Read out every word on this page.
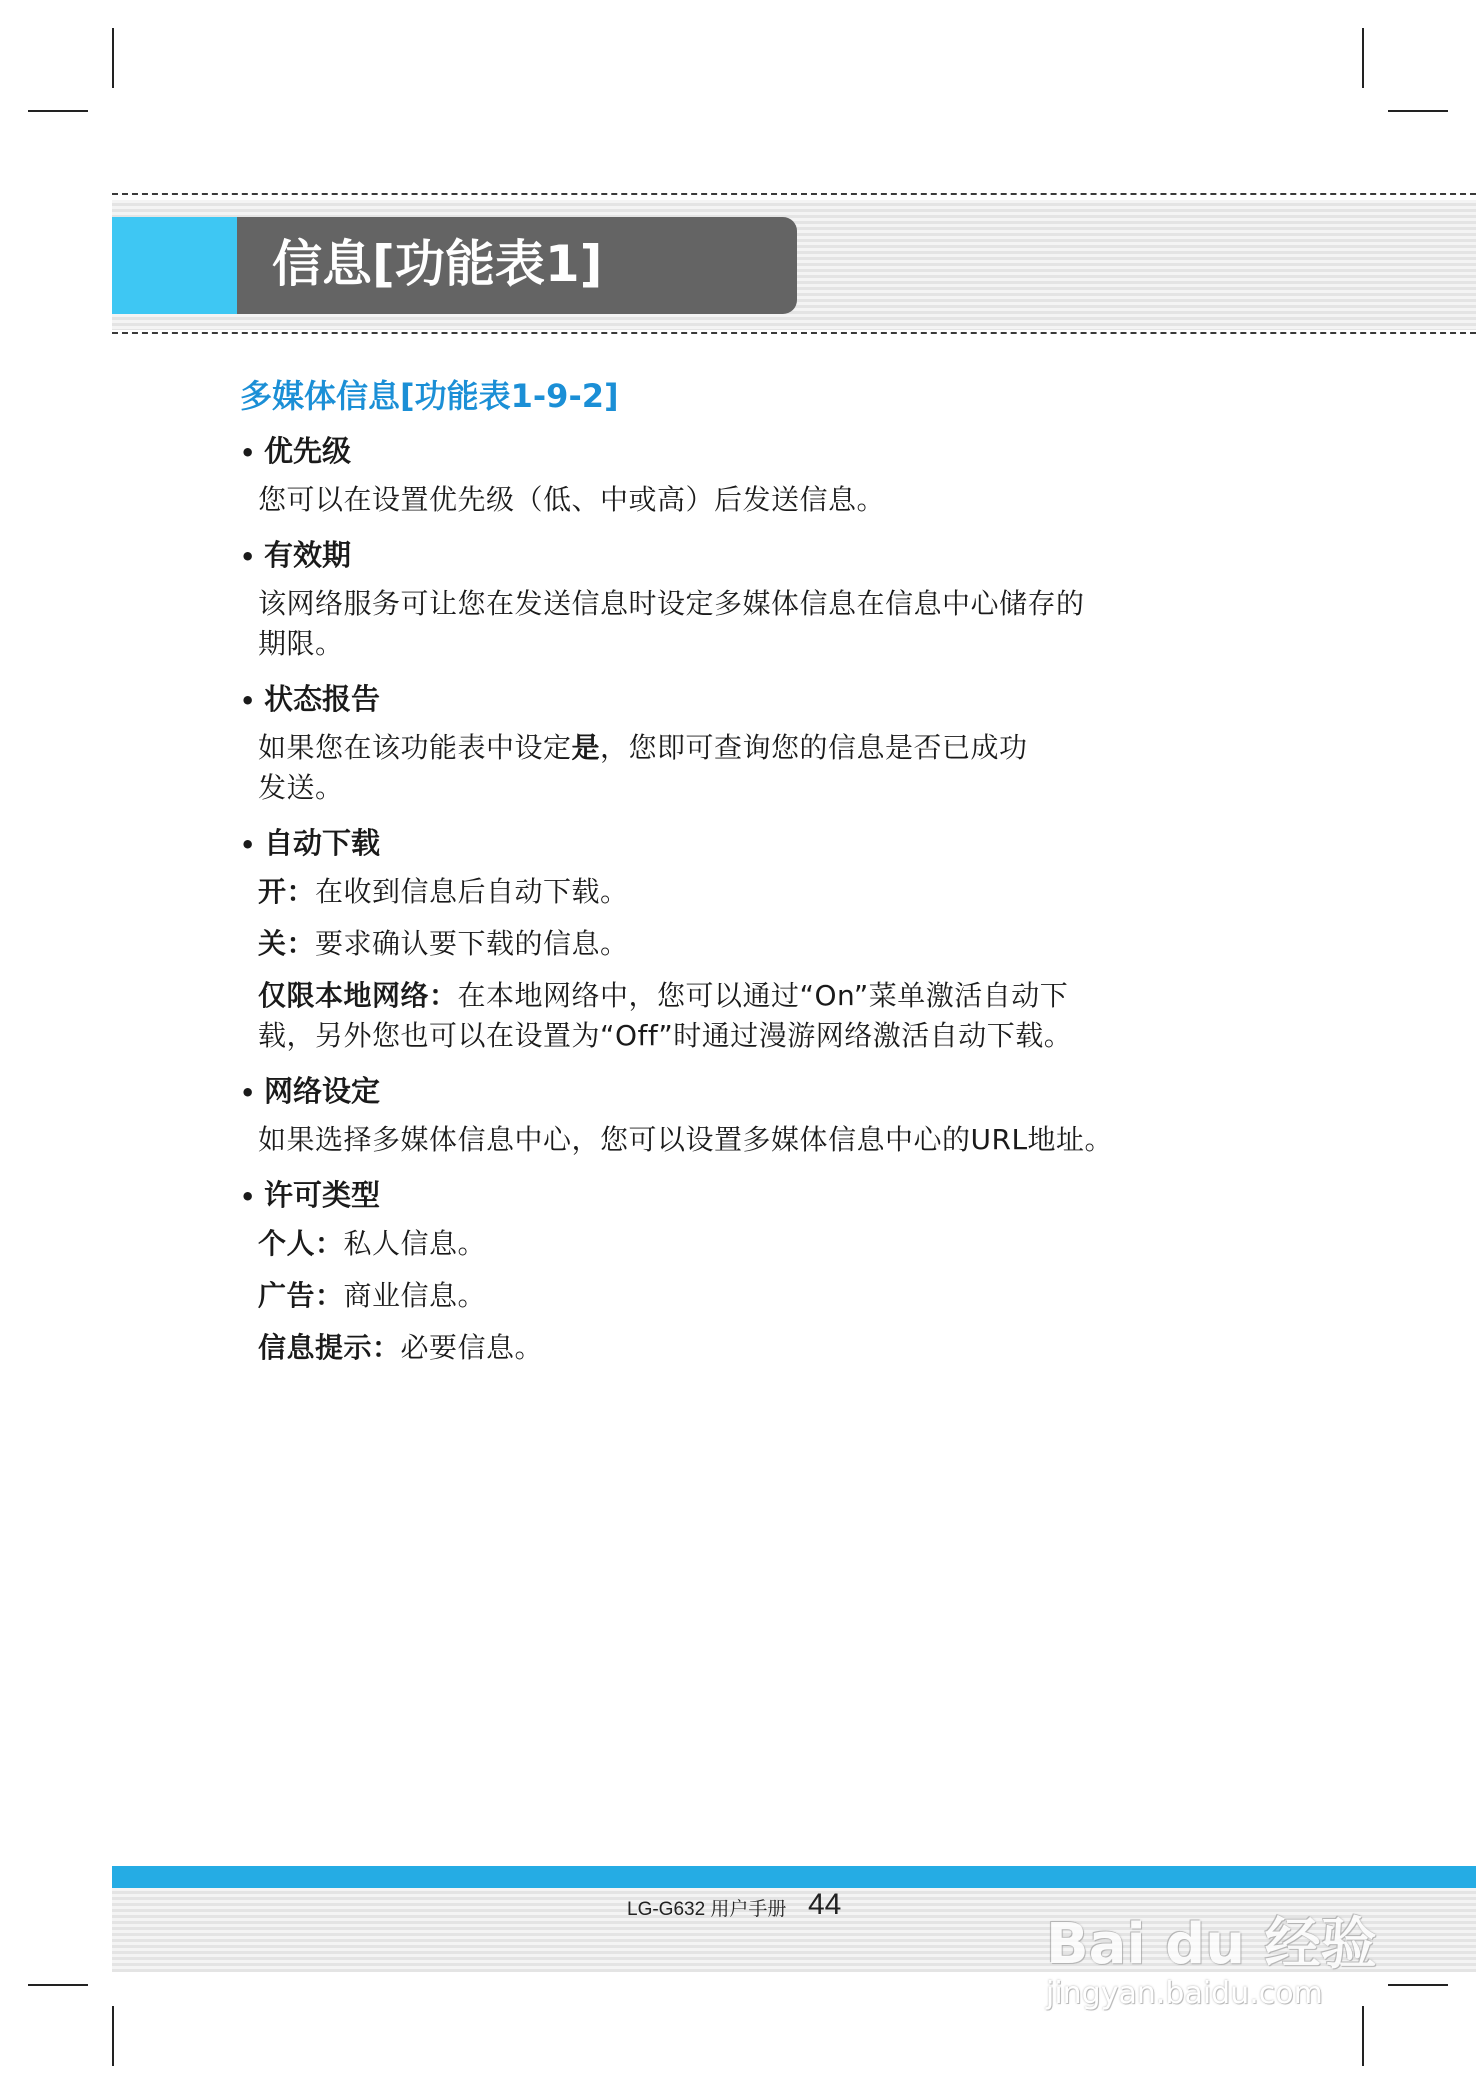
信息[功能表1]
多媒体信息[功能表1-9-2]
• 优先级
您可以在设置优先级（低、中或高）后发送信息。
• 有效期
该网络服务可让您在发送信息时设定多媒体信息在信息中心储存的
期限。
• 状态报告
如果您在该功能表中设定是，您即可查询您的信息是否已成功
发送。
• 自动下载
开：在收到信息后自动下载。
关：要求确认要下载的信息。
仅限本地网络：在本地网络中，您可以通过“On”菜单激活自动下
载，另外您也可以在设置为“Off”时通过漫游网络激活自动下载。
• 网络设定
如果选择多媒体信息中心，您可以设置多媒体信息中心的URL地址。
• 许可类型
个人：私人信息。
广告：商业信息。
信息提示：必要信息。
LG-G632 用户手册 44
Bai du 经验
jingyan.baidu.com
